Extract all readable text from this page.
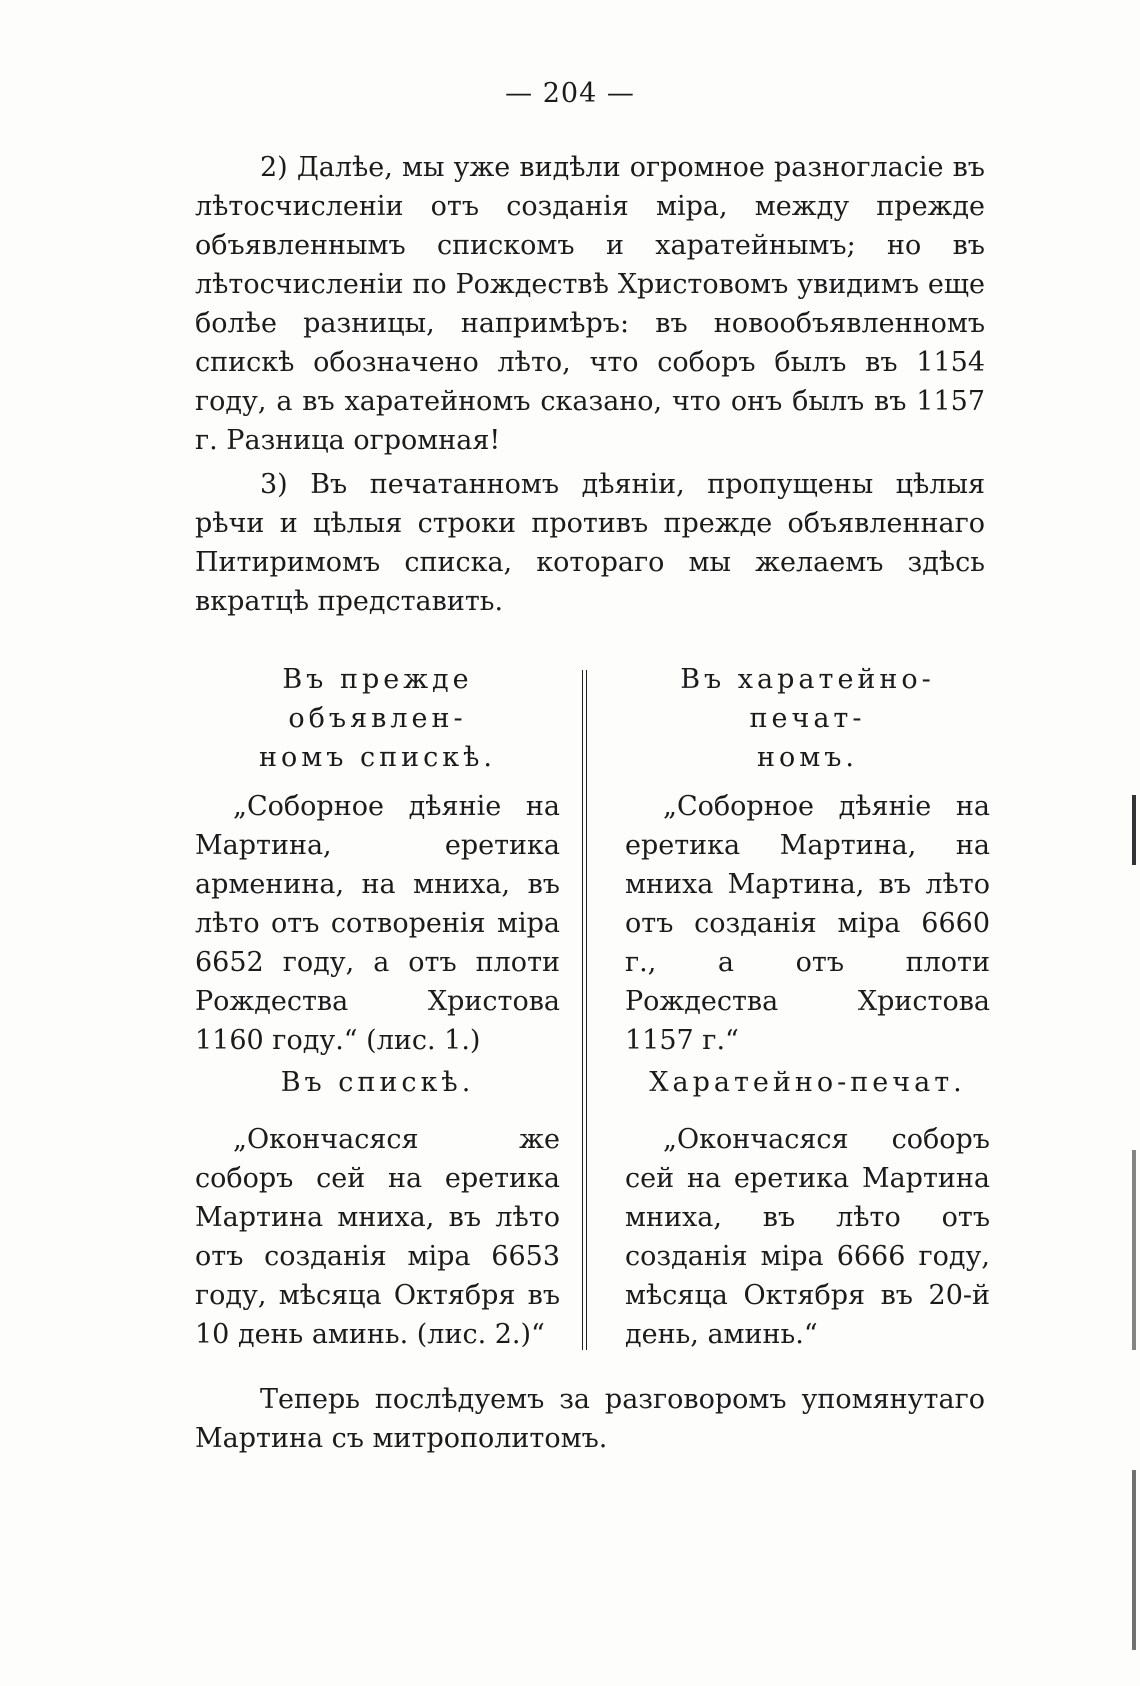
— 204 —

2) Далѣе, мы уже видѣли огромное разногласіе въ лѣтосчисленіи отъ созданія міра, между прежде объявленнымъ спискомъ и харатейнымъ; но въ лѣтосчисленіи по Рождествѣ Христовомъ увидимъ еще болѣе разницы, напримѣръ: въ новообъявленномъ спискѣ обозначено лѣто, что соборъ былъ въ 1154 году, а въ харатейномъ сказано, что онъ былъ въ 1157 г. Разница огромная!

3) Въ печатанномъ дѣяніи, пропущены цѣлыя рѣчи и цѣлыя строки противъ прежде объявленнаго Питиримомъ списка, котораго мы желаемъ здѣсь вкратцѣ представить.

Въ прежде объявлен-

номъ спискѣ.

„Соборное дѣяніе на Мартина, еретика арменина, на мниха, въ лѣто отъ сотворенія міра 6652 году, а отъ плоти Рождества Христова 1160 году.“ (лис. 1.)

Въ спискѣ.

„Окончасяся же соборъ сей на еретика Мартина мниха, въ лѣто отъ созданія міра 6653 году, мѣсяца Октября въ 10 день аминь. (лис. 2.)“

Въ харатейно-печат-

номъ.

„Соборное дѣяніе на еретика Мартина, на мниха Мартина, въ лѣто отъ созданія міра 6660 г., а отъ плоти Рождества Христова 1157 г.“

Харатейно-печат.

„Окончасяся соборъ сей на еретика Мартина мниха, въ лѣто отъ созданія міра 6666 году, мѣсяца Октября въ 20-й день, аминь.“

Теперь послѣдуемъ за разговоромъ упомянутаго Мартина съ митрополитомъ.
